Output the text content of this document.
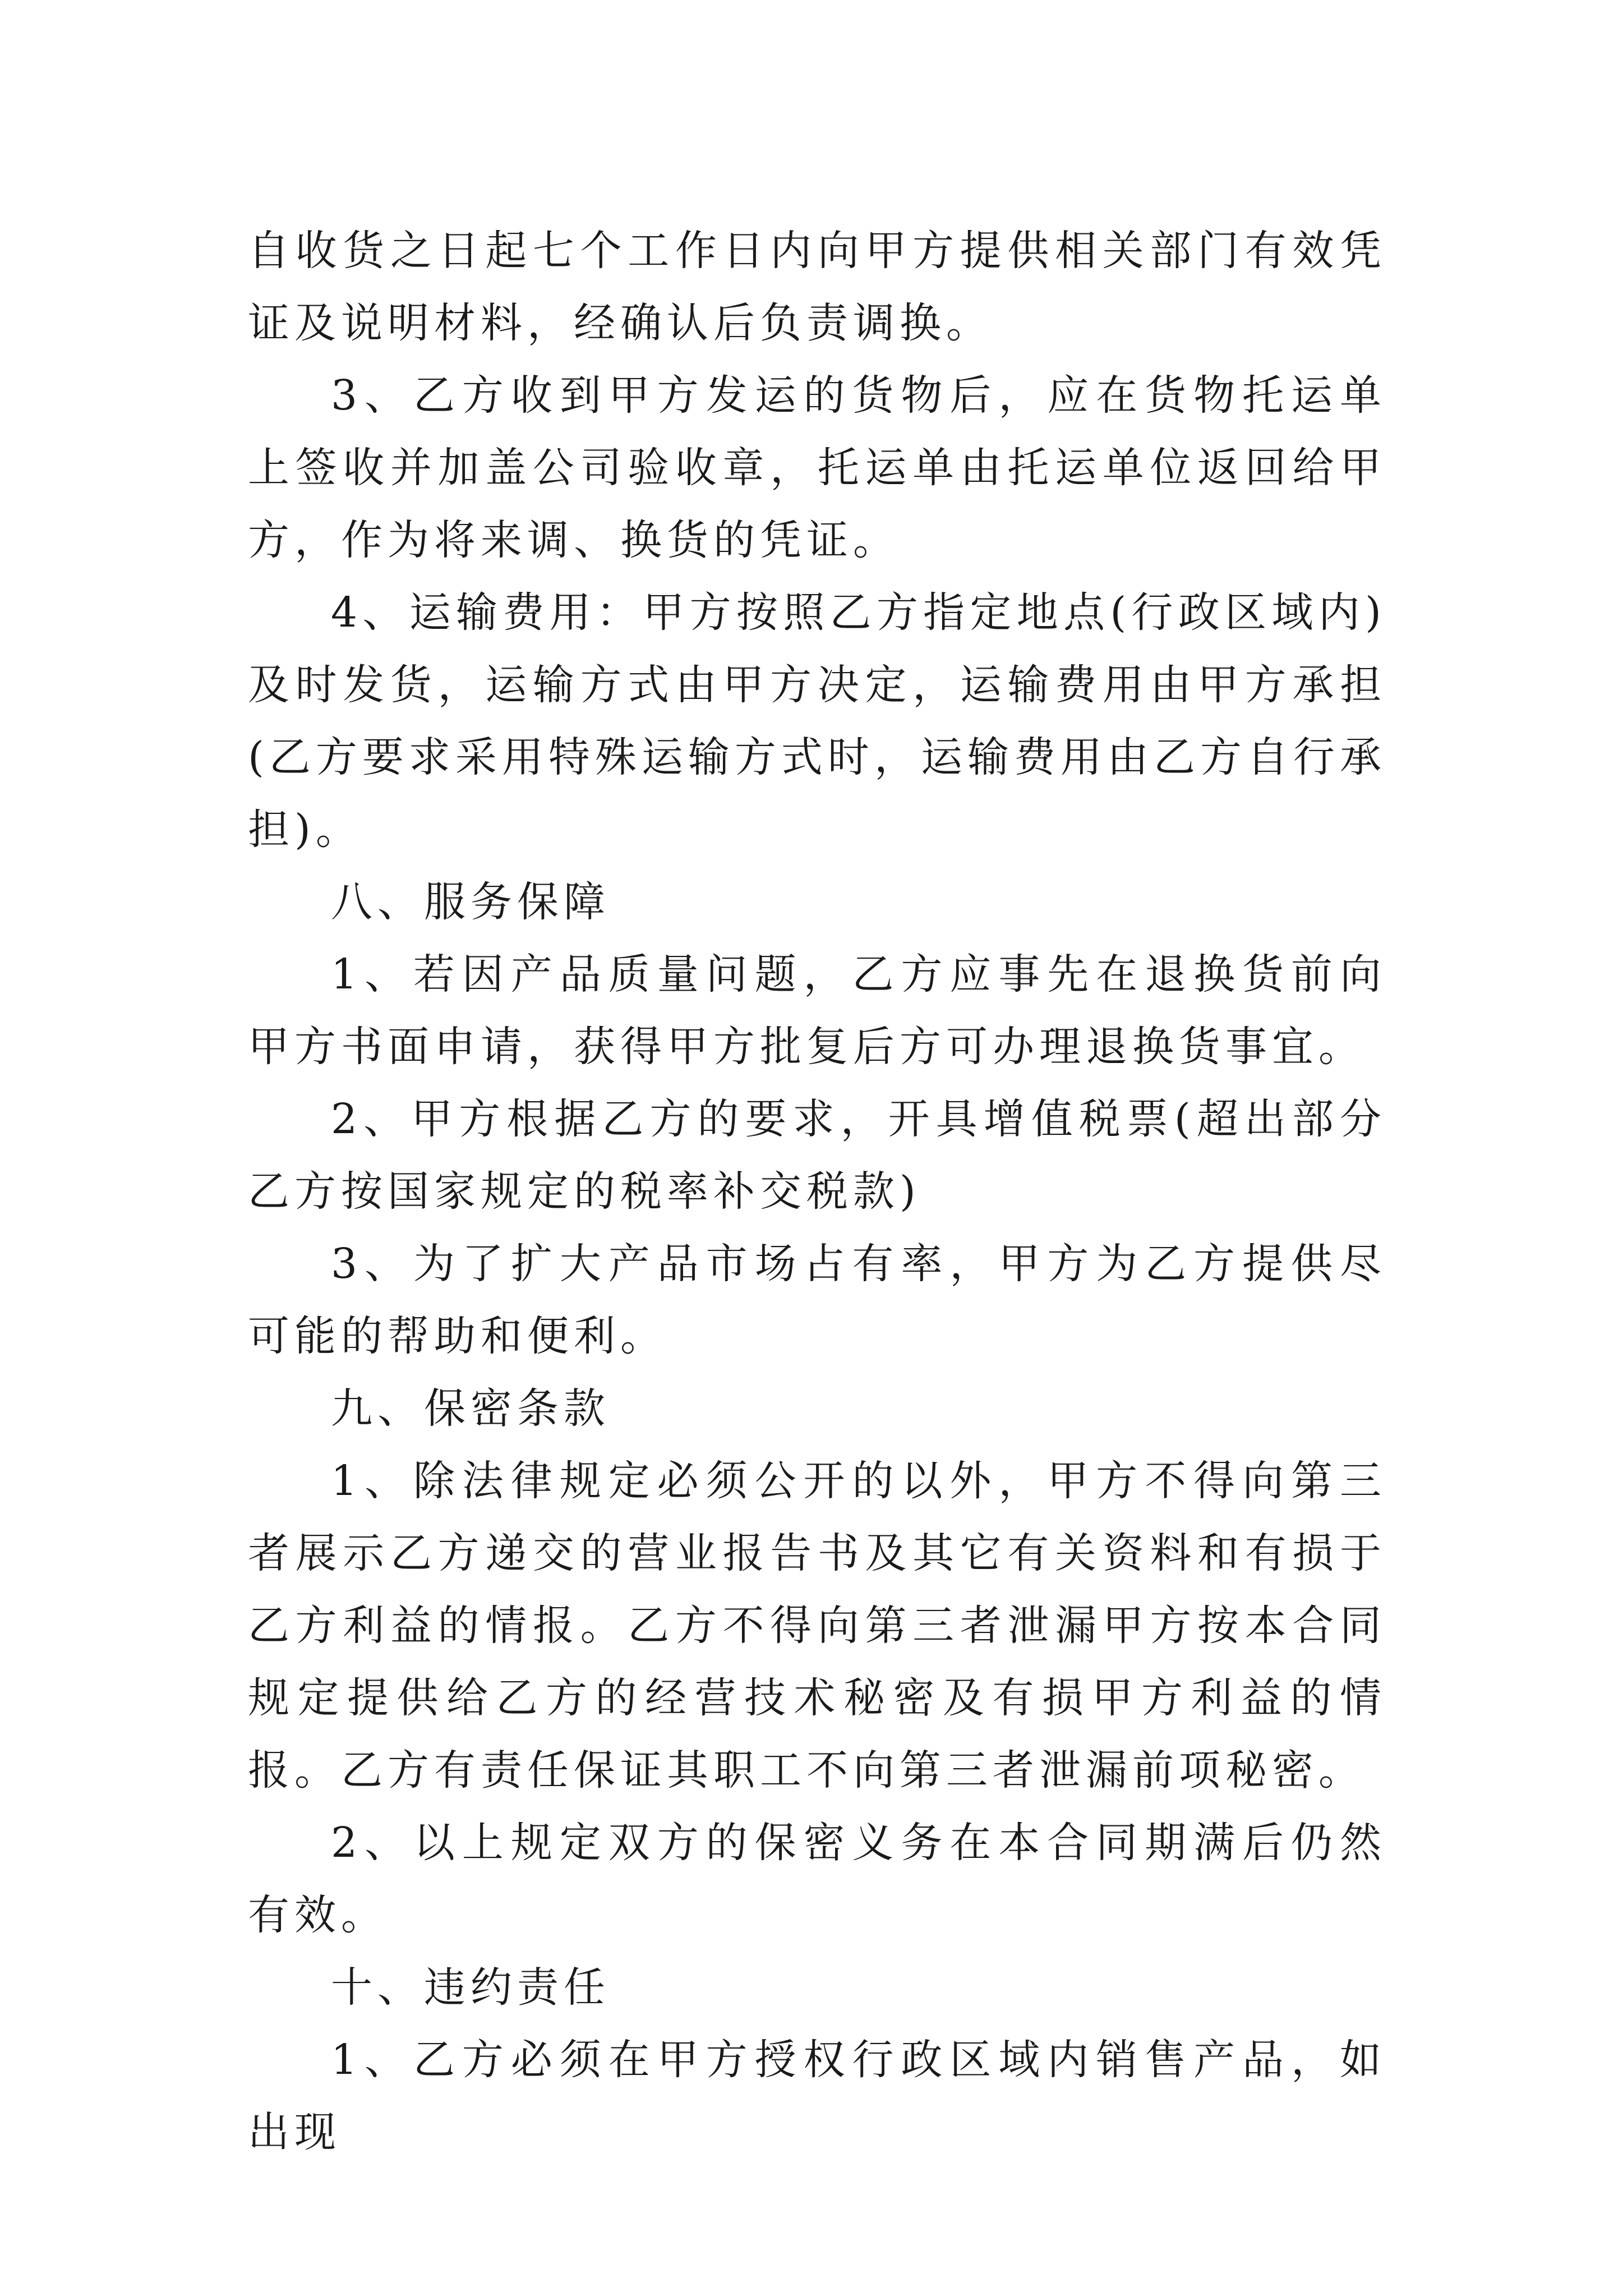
自收货之日起七个工作日内向甲方提供相关部门有效凭证及说明材料，经确认后负责调换。

3、乙方收到甲方发运的货物后，应在货物托运单上签收并加盖公司验收章，托运单由托运单位返回给甲方，作为将来调、换货的凭证。

4、运输费用：甲方按照乙方指定地点(行政区域内)及时发货，运输方式由甲方决定，运输费用由甲方承担(乙方要求采用特殊运输方式时，运输费用由乙方自行承担)。

八、服务保障

1、若因产品质量问题，乙方应事先在退换货前向甲方书面申请，获得甲方批复后方可办理退换货事宜。

2、甲方根据乙方的要求，开具增值税票(超出部分乙方按国家规定的税率补交税款)

3、为了扩大产品市场占有率，甲方为乙方提供尽可能的帮助和便利。

九、保密条款

1、除法律规定必须公开的以外，甲方不得向第三者展示乙方递交的营业报告书及其它有关资料和有损于乙方利益的情报。乙方不得向第三者泄漏甲方按本合同规定提供给乙方的经营技术秘密及有损甲方利益的情报。乙方有责任保证其职工不向第三者泄漏前项秘密。

2、以上规定双方的保密义务在本合同期满后仍然有效。

十、违约责任

1、乙方必须在甲方授权行政区域内销售产品，如出现
